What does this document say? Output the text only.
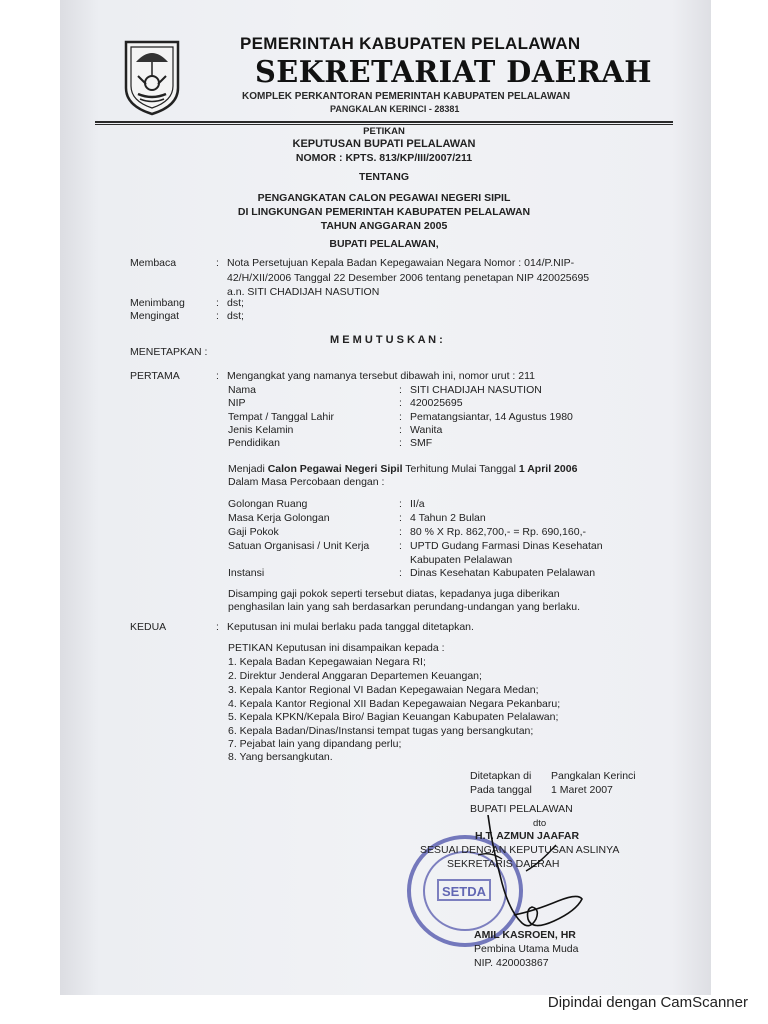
PEMERINTAH KABUPATEN PELALAWAN
SEKRETARIAT DAERAH
KOMPLEK PERKANTORAN PEMERINTAH KABUPATEN PELALAWAN
PANGKALAN KERINCI - 28381
PETIKAN
KEPUTUSAN BUPATI PELALAWAN
NOMOR : KPTS. 813/KP/III/2007/211
TENTANG
PENGANGKATAN CALON PEGAWAI NEGERI SIPIL
DI LINGKUNGAN PEMERINTAH KABUPATEN PELALAWAN
TAHUN ANGGARAN 2005
BUPATI PELALAWAN,
Membaca	: Nota Persetujuan Kepala Badan Kepegawaian Negara Nomor : 014/P.NIP-
42/H/XII/2006 Tanggal 22 Desember 2006 tentang penetapan NIP 420025695
a.n. SITI CHADIJAH NASUTION
Menimbang	: dst;
Mengingat	: dst;
M E M U T U S K A N :
MENETAPKAN :
PERTAMA	: Mengangkat yang namanya tersebut dibawah ini, nomor urut : 211
Nama	: SITI CHADIJAH NASUTION
NIP	: 420025695
Tempat / Tanggal Lahir	: Pematangsiantar, 14 Agustus 1980
Jenis Kelamin	: Wanita
Pendidikan	: SMF
Menjadi Calon Pegawai Negeri Sipil Terhitung Mulai Tanggal 1 April 2006
Dalam Masa Percobaan dengan :
Golongan Ruang	: II/a
Masa Kerja Golongan	: 4 Tahun 2 Bulan
Gaji Pokok	: 80 % X Rp. 862,700,- = Rp. 690,160,-
Satuan Organisasi / Unit Kerja	: UPTD Gudang Farmasi Dinas Kesehatan
Kabupaten Pelalawan
Instansi	: Dinas Kesehatan Kabupaten Pelalawan
Disamping gaji pokok seperti tersebut diatas, kepadanya juga diberikan
penghasilan lain yang sah berdasarkan perundang-undangan yang berlaku.
KEDUA	: Keputusan ini mulai berlaku pada tanggal ditetapkan.
PETIKAN Keputusan ini disampaikan kepada :
1. Kepala Badan Kepegawaian Negara RI;
2. Direktur Jenderal Anggaran Departemen Keuangan;
3. Kepala Kantor Regional VI Badan Kepegawaian Negara Medan;
4. Kepala Kantor Regional XII Badan Kepegawaian Negara Pekanbaru;
5. Kepala KPKN/Kepala Biro/ Bagian Keuangan Kabupaten Pelalawan;
6. Kepala Badan/Dinas/Instansi tempat tugas yang bersangkutan;
7. Pejabat lain yang dipandang perlu;
8. Yang bersangkutan.
Ditetapkan di Pangkalan Kerinci
Pada tanggal 1 Maret 2007
BUPATI PELALAWAN
dto
SETDA
H.T. AZMUN JAAFAR
SESUAI DENGAN KEPUTUSAN ASLINYA
SEKRETARIS DAERAH
AMIL KASROEN, HR
Pembina Utama Muda
NIP. 420003867
Dipindai dengan CamScanner
